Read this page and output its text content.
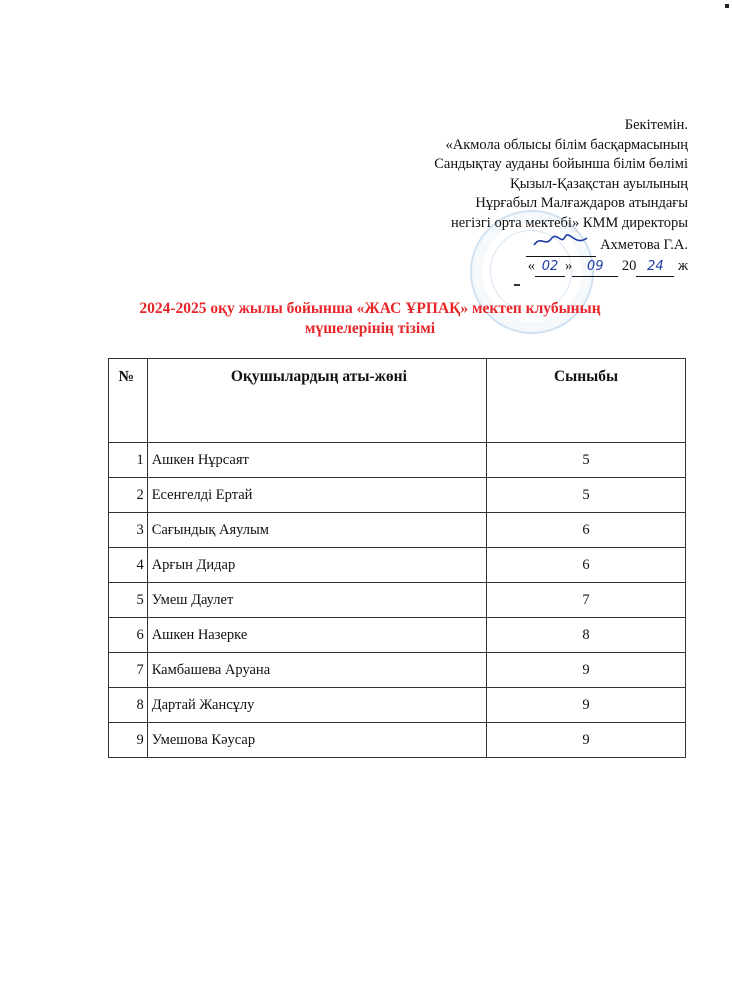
Бекітемін.
«Акмола облысы білім басқармасының
Сандықтау ауданы бойынша білім бөлімі
Қызыл-Қазақстан ауылының
Нұрғабыл Малғаждаров атындағы
негізгі орта мектебі» КММ директоры
Ахметова Г.А.
« 02 » 09 20 24 ж
2024-2025 оқу жылы бойынша «ЖАС ҰРПАҚ» мектеп клубының
мүшелерінің тізімі
№	Оқушылардың аты-жөні	Сыныбы
1	Ашкен Нұрсаят	5
2	Есенгелді Ертай	5
3	Сағындық Аяулым	6
4	Арғын Дидар	6
5	Умеш Даулет	7
6	Ашкен Назерке	8
7	Камбашева Аруана	9
8	Дартай Жансұлу	9
9	Умешова Кәусар	9
